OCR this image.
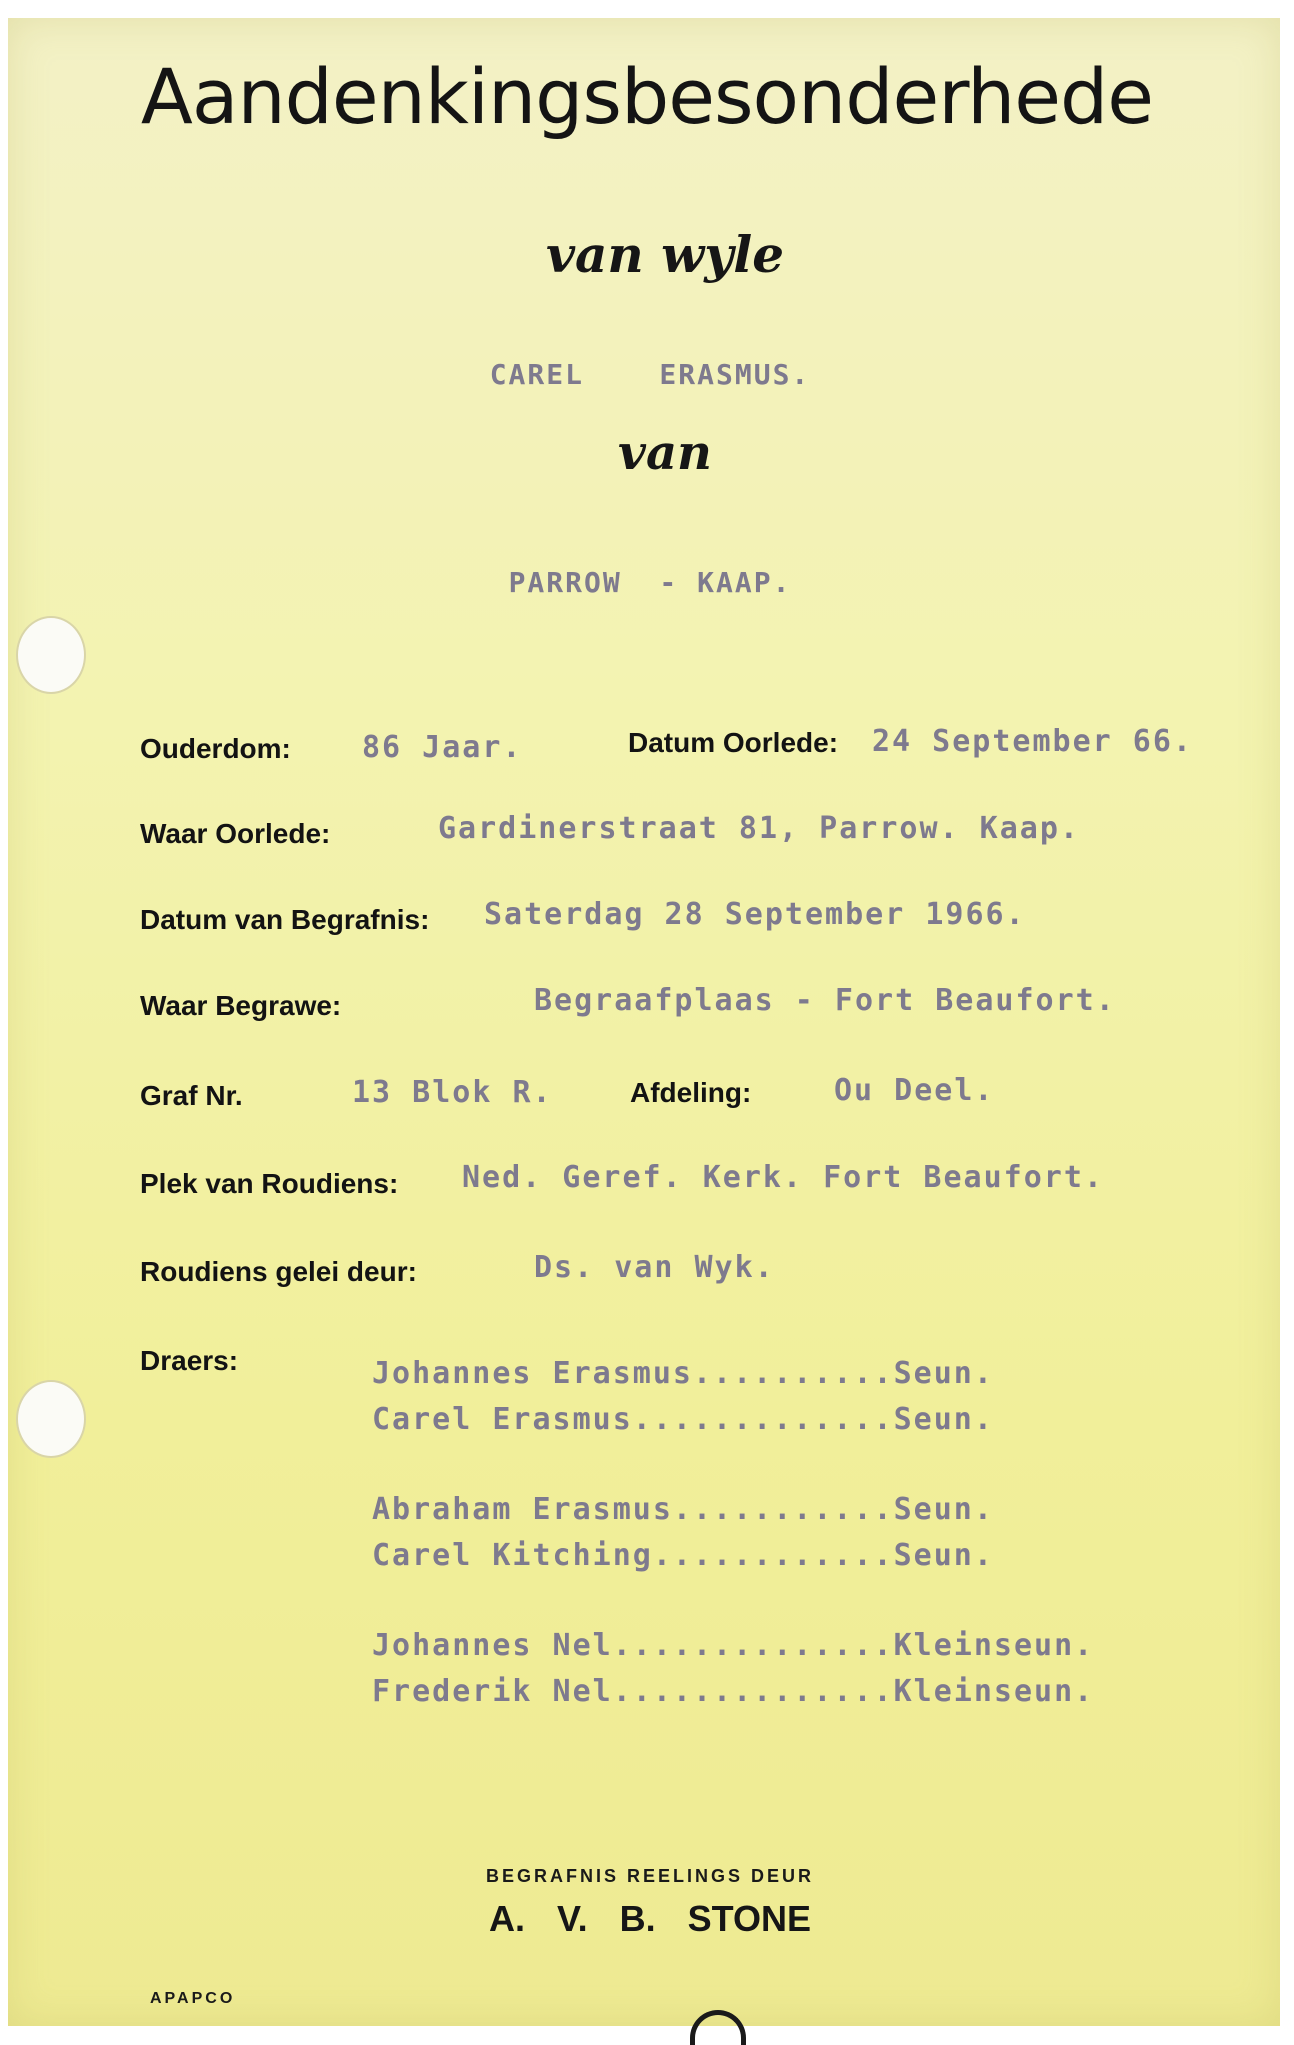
Aandenkingsbesonderhede
van wyle
CAREL    ERASMUS.
van
PARROW  - KAAP.
Ouderdom: 86 Jaar.	Datum Oorlede: 24 September 66.
Waar Oorlede:	Gardinerstraat 81, Parrow. Kaap.
Datum van Begrafnis: Saterdag 28 September 1966.
Waar Begrawe:	Begraafplaas - Fort Beaufort.
Graf Nr.	13 Blok R.	Afdeling:	Ou Deel.
Plek van Roudiens: Ned. Geref. Kerk. Fort Beaufort.
Roudiens gelei deur:	Ds. van Wyk.
Draers:	Johannes Erasmus..........Seun.
Carel Erasmus.............Seun.
Abraham Erasmus...........Seun.
Carel Kitching............Seun.
Johannes Nel..............Kleinseun.
Frederik Nel..............Kleinseun.
BEGRAFNIS REELINGS DEUR
A. V. B. STONE
APAPCO
